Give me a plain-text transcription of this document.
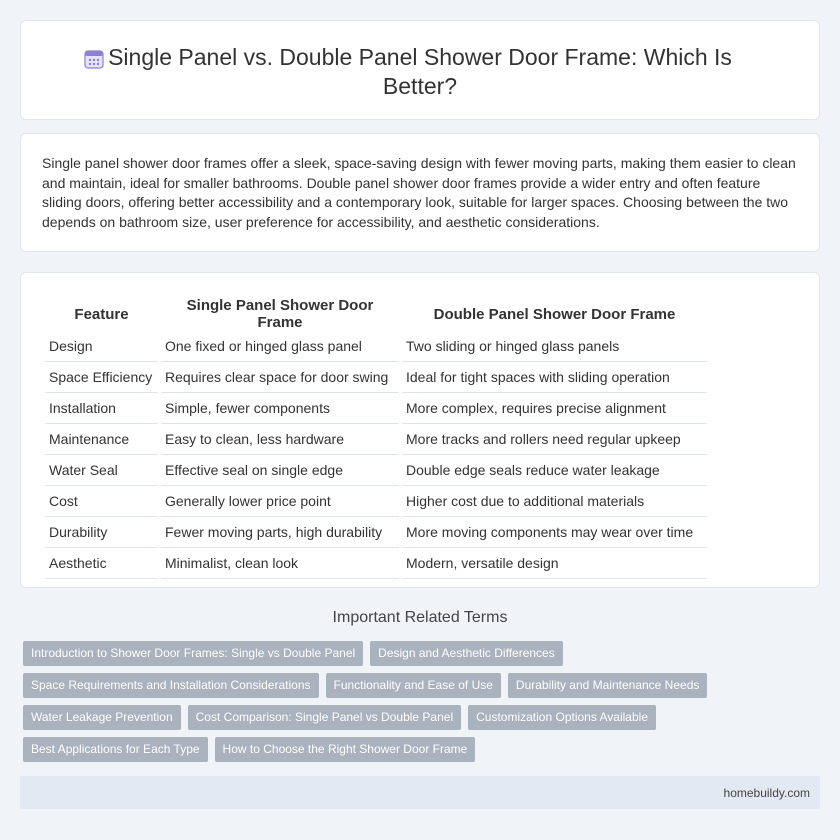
Single Panel vs. Double Panel Shower Door Frame: Which Is Better?

Single panel shower door frames offer a sleek, space-saving design with fewer moving parts, making them easier to clean and maintain, ideal for smaller bathrooms. Double panel shower door frames provide a wider entry and often feature sliding doors, offering better accessibility and a contemporary look, suitable for larger spaces. Choosing between the two depends on bathroom size, user preference for accessibility, and aesthetic considerations.

Feature	Single Panel Shower Door Frame	Double Panel Shower Door Frame
Design	One fixed or hinged glass panel	Two sliding or hinged glass panels
Space Efficiency	Requires clear space for door swing	Ideal for tight spaces with sliding operation
Installation	Simple, fewer components	More complex, requires precise alignment
Maintenance	Easy to clean, less hardware	More tracks and rollers need regular upkeep
Water Seal	Effective seal on single edge	Double edge seals reduce water leakage
Cost	Generally lower price point	Higher cost due to additional materials
Durability	Fewer moving parts, high durability	More moving components may wear over time
Aesthetic	Minimalist, clean look	Modern, versatile design
Important Related Terms
Introduction to Shower Door Frames: Single vs Double Panel	Design and Aesthetic Differences
Space Requirements and Installation Considerations	Functionality and Ease of Use	Durability and Maintenance Needs
Water Leakage Prevention	Cost Comparison: Single Panel vs Double Panel	Customization Options Available
Best Applications for Each Type	How to Choose the Right Shower Door Frame
homebuildy.com
